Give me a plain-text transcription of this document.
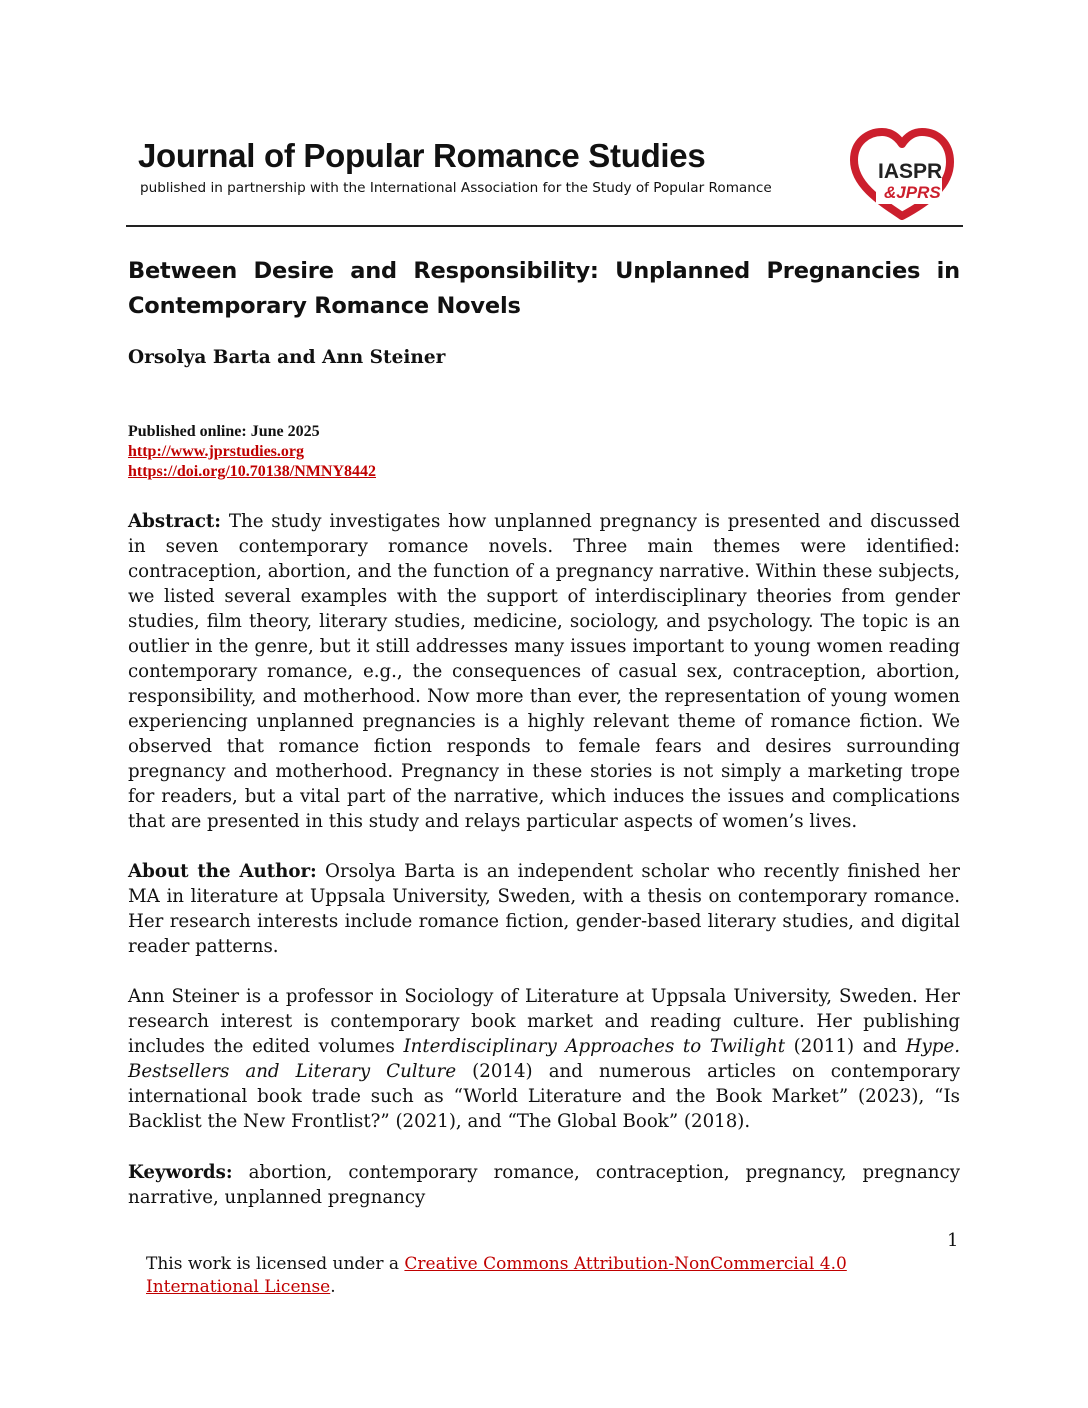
Journal of Popular Romance Studies
published in partnership with the International Association for the Study of Popular Romance
IASPR
&JPRS
Between Desire and Responsibility: Unplanned Pregnancies in Contemporary Romance Novels
Orsolya Barta and Ann Steiner
Published online: June 2025
http://www.jprstudies.org
https://doi.org/10.70138/NMNY8442
Abstract: The study investigates how unplanned pregnancy is presented and discussed in seven contemporary romance novels. Three main themes were identified: contraception, abortion, and the function of a pregnancy narrative. Within these subjects, we listed several examples with the support of interdisciplinary theories from gender studies, film theory, literary studies, medicine, sociology, and psychology. The topic is an outlier in the genre, but it still addresses many issues important to young women reading contemporary romance, e.g., the consequences of casual sex, contraception, abortion, responsibility, and motherhood. Now more than ever, the representation of young women experiencing unplanned pregnancies is a highly relevant theme of romance fiction. We observed that romance fiction responds to female fears and desires surrounding pregnancy and motherhood. Pregnancy in these stories is not simply a marketing trope for readers, but a vital part of the narrative, which induces the issues and complications that are presented in this study and relays particular aspects of women’s lives.
About the Author: Orsolya Barta is an independent scholar who recently finished her MA in literature at Uppsala University, Sweden, with a thesis on contemporary romance. Her research interests include romance fiction, gender-based literary studies, and digital reader patterns.
Ann Steiner is a professor in Sociology of Literature at Uppsala University, Sweden. Her research interest is contemporary book market and reading culture. Her publishing includes the edited volumes Interdisciplinary Approaches to Twilight (2011) and Hype. Bestsellers and Literary Culture (2014) and numerous articles on contemporary international book trade such as “World Literature and the Book Market” (2023), “Is Backlist the New Frontlist?” (2021), and “The Global Book” (2018).
Keywords: abortion, contemporary romance, contraception, pregnancy, pregnancy narrative, unplanned pregnancy
1
This work is licensed under a Creative Commons Attribution-NonCommercial 4.0 International License.
